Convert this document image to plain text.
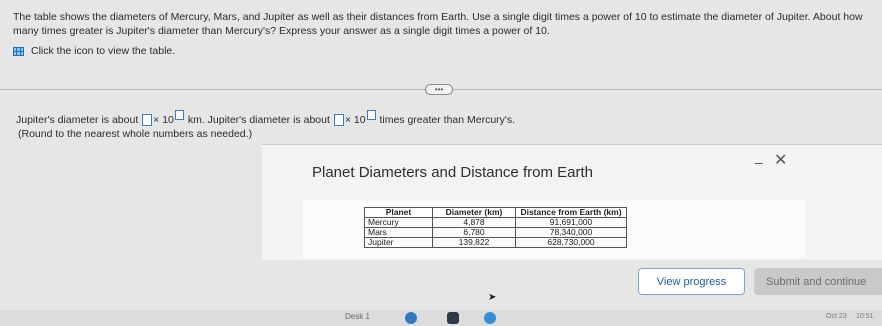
The table shows the diameters of Mercury, Mars, and Jupiter as well as their distances from Earth. Use a single digit times a power of 10 to estimate the diameter of Jupiter. About how many times greater is Jupiter's diameter than Mercury's? Express your answer as a single digit times a power of 10.
Click the icon to view the table.
•••
Jupiter's diameter is about
× 10
km. Jupiter's diameter is about
× 10
times greater than Mercury's.
(Round to the nearest whole numbers as needed.)
Planet Diameters and Distance from Earth
– ✕
➤
Planet	Diameter (km)	Distance from Earth (km)
Mercury	4,878	91,691,000
Mars	6,780	78,340,000
Jupiter	139,822	628,730,000
View progress	Submit and continue
Desk 1	Oct 23 10:51
